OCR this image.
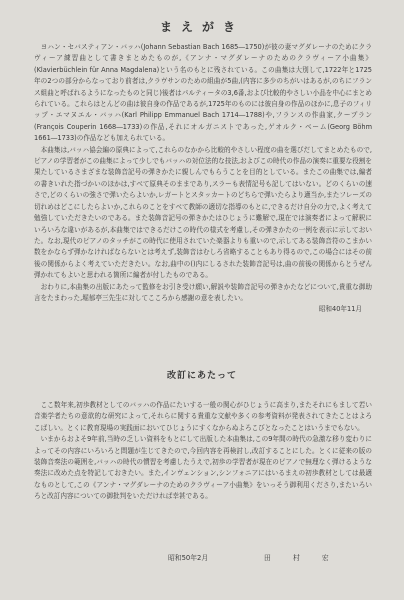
まえがき

ヨハン・セバスティアン・バッハ(Johann Sebastian Bach 1685―1750)が彼の妻マグダレーナのためにクラヴィーア練習曲として書きまとめたものが,《アンナ・マグダレーナのためのクラヴィーア小曲集》(Klavierbüchlein für Anna Magdalena)という名のもとに残されている。この曲集は大別して,1722年と1725年の2つの部分からなっており前者は,クラヴサンのための組曲が5曲,(内容に多少のちがいはあるが,のちにフランス組曲と呼ばれるようになったものと同じ)後者はパルティータの3,6番,および比較的やさしい小品を中心にまとめられている。これらはとんどの曲は彼自身の作品であるが,1725年のものには彼自身の作品のほかに,息子のフィリップ・エマヌエル・バッハ(Karl Philipp Emmanuel Bach 1714―1788)や,フランスの作曲家,クープラン(François Couperin 1668―1733)の作品,それにオルガニストであった,ゲオルク・ベーム(Georg Böhm 1661―1733)の作品なども加えられている。

本曲集は,バッハ協会編の原典によって,これらのなかから比較的やさしい程度の曲を選びだしてまとめたもので,ピアノの学習者がこの曲集によって少しでもバッハの対位法的な技法,およびこの時代の作品の演奏に重要な役割を果たしているさまざまな装飾音記号の弾きかたに親しんでもらうことを目的としている。またこの曲集では,編者の書きいれた指づかいのほかは,すべて原典そのままであり,スラーも表情記号も記してはいない。どのくらいの速さで,どのくらいの強さで弾いたらよいか,レガートとスタッカートのどちらで弾いたらより適当か,またフレーズの切れめはどこにしたらよいか,これらのことをすべて教師の適切な指導のもとに,できるだけ自分の力で,よく考えて勉強していただきたいのである。また装飾音記号の弾きかたはひじょうに難解で,現在では演奏者によって解釈にいろいろな違いがあるが,本曲集ではできるだけこの時代の様式を考慮し,その弾きかたの一例を表示に示しておいた。なお,現代のピアノのタッチがこの時代に使用されていた楽器よりも重いので,示してある装飾音符のこまかい数をかならず弾かなければならないとは考えず,装飾音はむしろ省略することもあり得るので,この場合にはその前後の関係からよく考えていただきたい。なお,曲中の()内にしるされた装飾音記号は,曲の前後の関係からとうぜん弾かれてもよいと思われる箇所に編者が付したものである。

おわりに,本曲集の出版にあたって監修をお引き受け願い,解説や装飾音記号の弾きかたなどについて,貴重な御助言をたまわった,堀郁亭三先生に対してこころから感謝の意を表したい。

昭和40年11月

改訂にあたって

ここ数年来,初歩教材としてのバッハの作品にたいする一般の関心がひじょうに高まり,またそれにもまして若い音楽学者たちの意欲的な研究によって,それらに関する貴重な文献や多くの参考資料が発表されてきたことはよろこばしい。とくに教育現場の実践面においてひじょうにすくなからぬよろこびとなったことはいうまでもない。

いまからおよそ9年前,当時の乏しい資料をもとにして出版した本曲集は,この9年間の時代の急激な移り変わりによってその内容にいろいろと問題が生じてきたので,今回内容を再検討し,改訂することにした。とくに従来の版の装飾音奏法の範囲を,バッハの時代の慣習を考慮したうえで,初歩の学習者が現在のピアノで無理なく弾けるような奏法に改めた点を特記しておきたい。また,インヴェンション,シンフォニアにはいるまえの初歩教材としては最適なものとして,この《アンナ・マグダレーナのためのクラヴィーア小曲集》をいっそう御利用くださり,またいろいろと改訂内容についての御批判をいただければ幸甚である。

昭和50年2月	田 村 宏
